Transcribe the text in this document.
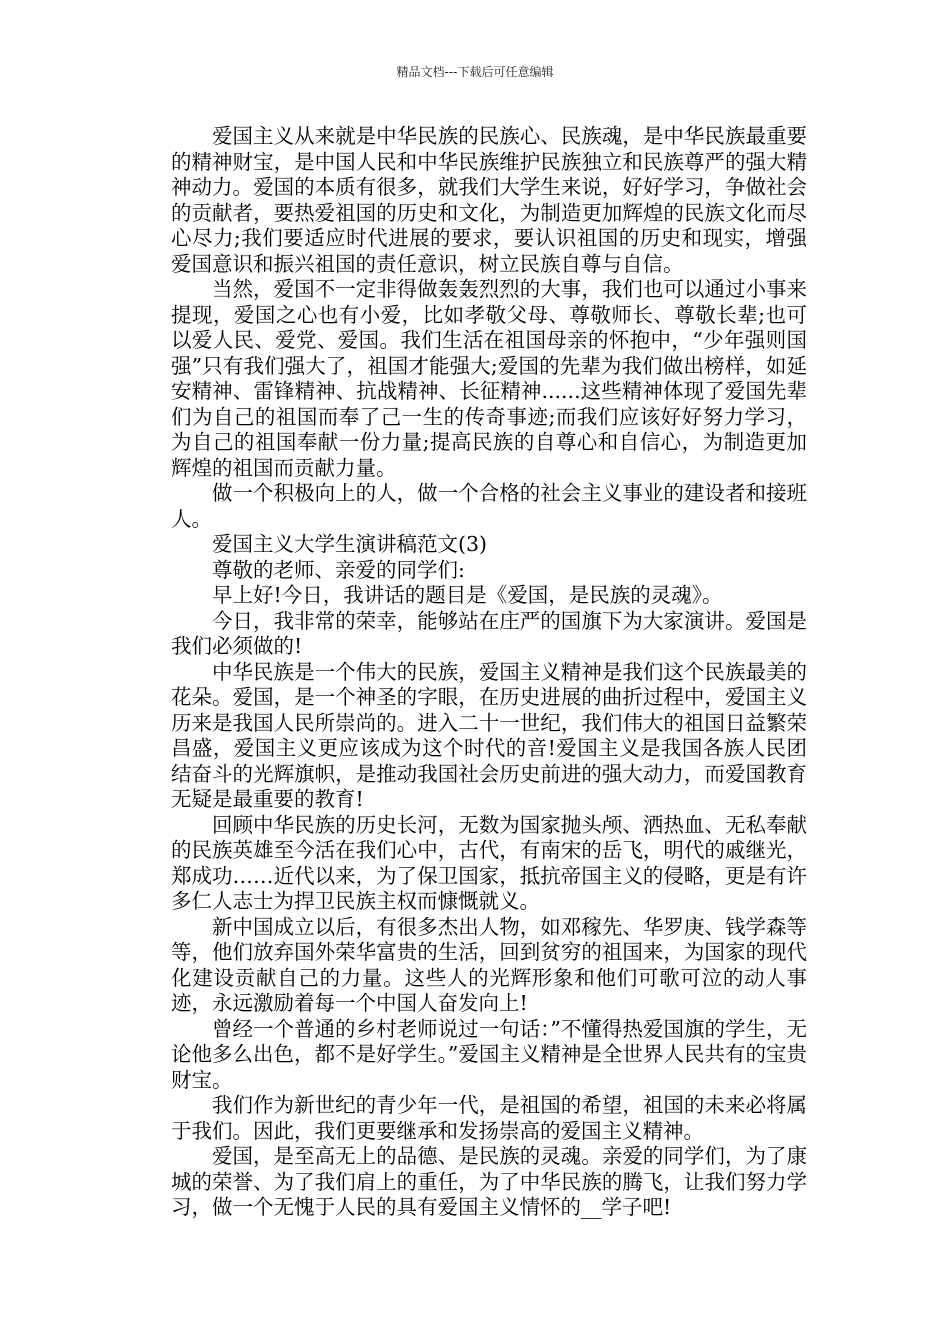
精品文档---下载后可任意编辑

爱国主义从来就是中华民族的民族心、民族魂，是中华民族最重要的精神财宝，是中国人民和中华民族维护民族独立和民族尊严的强大精神动力。爱国的本质有很多，就我们大学生来说，好好学习，争做社会的贡献者，要热爱祖国的历史和文化，为制造更加辉煌的民族文化而尽心尽力;我们要适应时代进展的要求，要认识祖国的历史和现实，增强爱国意识和振兴祖国的责任意识，树立民族自尊与自信。

当然，爱国不一定非得做轰轰烈烈的大事，我们也可以通过小事来提现，爱国之心也有小爱，比如孝敬父母、尊敬师长、尊敬长辈;也可以爱人民、爱党、爱国。我们生活在祖国母亲的怀抱中，“少年强则国强”只有我们强大了，祖国才能强大;爱国的先辈为我们做出榜样，如延安精神、雷锋精神、抗战精神、长征精神......这些精神体现了爱国先辈们为自己的祖国而奉了己一生的传奇事迹;而我们应该好好努力学习，为自己的祖国奉献一份力量;提高民族的自尊心和自信心，为制造更加辉煌的祖国而贡献力量。

做一个积极向上的人，做一个合格的社会主义事业的建设者和接班人。

爱国主义大学生演讲稿范文(3)

尊敬的老师、亲爱的同学们:

早上好!今日，我讲话的题目是《爱国，是民族的灵魂》。

今日，我非常的荣幸，能够站在庄严的国旗下为大家演讲。爱国是我们必须做的!

中华民族是一个伟大的民族，爱国主义精神是我们这个民族最美的花朵。爱国，是一个神圣的字眼，在历史进展的曲折过程中，爱国主义历来是我国人民所崇尚的。进入二十一世纪，我们伟大的祖国日益繁荣昌盛，爱国主义更应该成为这个时代的音!爱国主义是我国各族人民团结奋斗的光辉旗帜，是推动我国社会历史前进的强大动力，而爱国教育无疑是最重要的教育!

回顾中华民族的历史长河，无数为国家抛头颅、洒热血、无私奉献的民族英雄至今活在我们心中，古代，有南宋的岳飞，明代的戚继光，郑成功……近代以来，为了保卫国家，抵抗帝国主义的侵略，更是有许多仁人志士为捍卫民族主权而慷慨就义。

新中国成立以后，有很多杰出人物，如邓稼先、华罗庚、钱学森等等，他们放弃国外荣华富贵的生活，回到贫穷的祖国来，为国家的现代化建设贡献自己的力量。这些人的光辉形象和他们可歌可泣的动人事迹，永远激励着每一个中国人奋发向上!

曾经一个普通的乡村老师说过一句话：”不懂得热爱国旗的学生，无论他多么出色，都不是好学生。”爱国主义精神是全世界人民共有的宝贵财宝。

我们作为新世纪的青少年一代，是祖国的希望，祖国的未来必将属于我们。因此，我们更要继承和发扬崇高的爱国主义精神。

爱国，是至高无上的品德、是民族的灵魂。亲爱的同学们，为了康城的荣誉、为了我们肩上的重任，为了中华民族的腾飞，让我们努力学习，做一个无愧于人民的具有爱国主义情怀的__学子吧!
